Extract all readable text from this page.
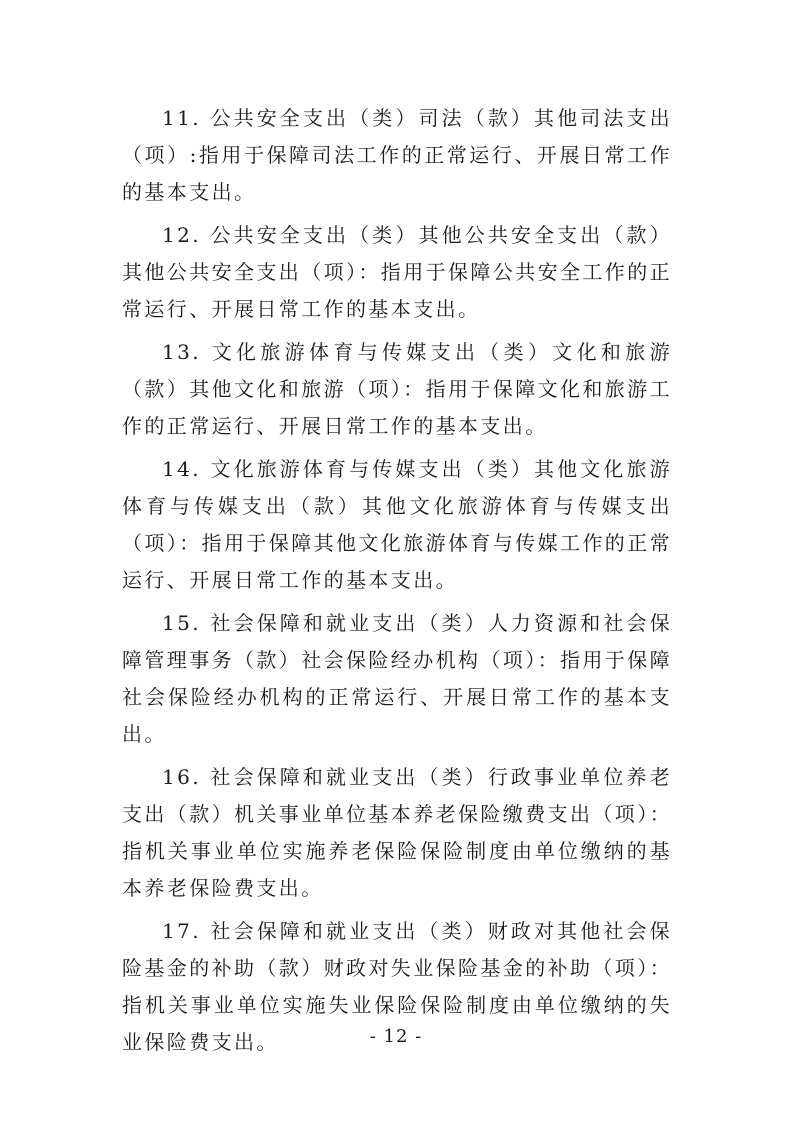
11. 公共安全支出（类）司法（款）其他司法支出（项）:指用于保障司法工作的正常运行、开展日常工作的基本支出。

12. 公共安全支出（类）其他公共安全支出（款）其他公共安全支出（项）：指用于保障公共安全工作的正常运行、开展日常工作的基本支出。

13. 文化旅游体育与传媒支出（类）文化和旅游（款）其他文化和旅游（项）：指用于保障文化和旅游工作的正常运行、开展日常工作的基本支出。

14. 文化旅游体育与传媒支出（类）其他文化旅游体育与传媒支出（款）其他文化旅游体育与传媒支出（项）：指用于保障其他文化旅游体育与传媒工作的正常运行、开展日常工作的基本支出。

15. 社会保障和就业支出（类）人力资源和社会保障管理事务（款）社会保险经办机构（项）：指用于保障社会保险经办机构的正常运行、开展日常工作的基本支出。

16. 社会保障和就业支出（类）行政事业单位养老支出（款）机关事业单位基本养老保险缴费支出（项）：指机关事业单位实施养老保险保险制度由单位缴纳的基本养老保险费支出。

17. 社会保障和就业支出（类）财政对其他社会保险基金的补助（款）财政对失业保险基金的补助（项）：指机关事业单位实施失业保险保险制度由单位缴纳的失业保险费支出。	- 12 -
